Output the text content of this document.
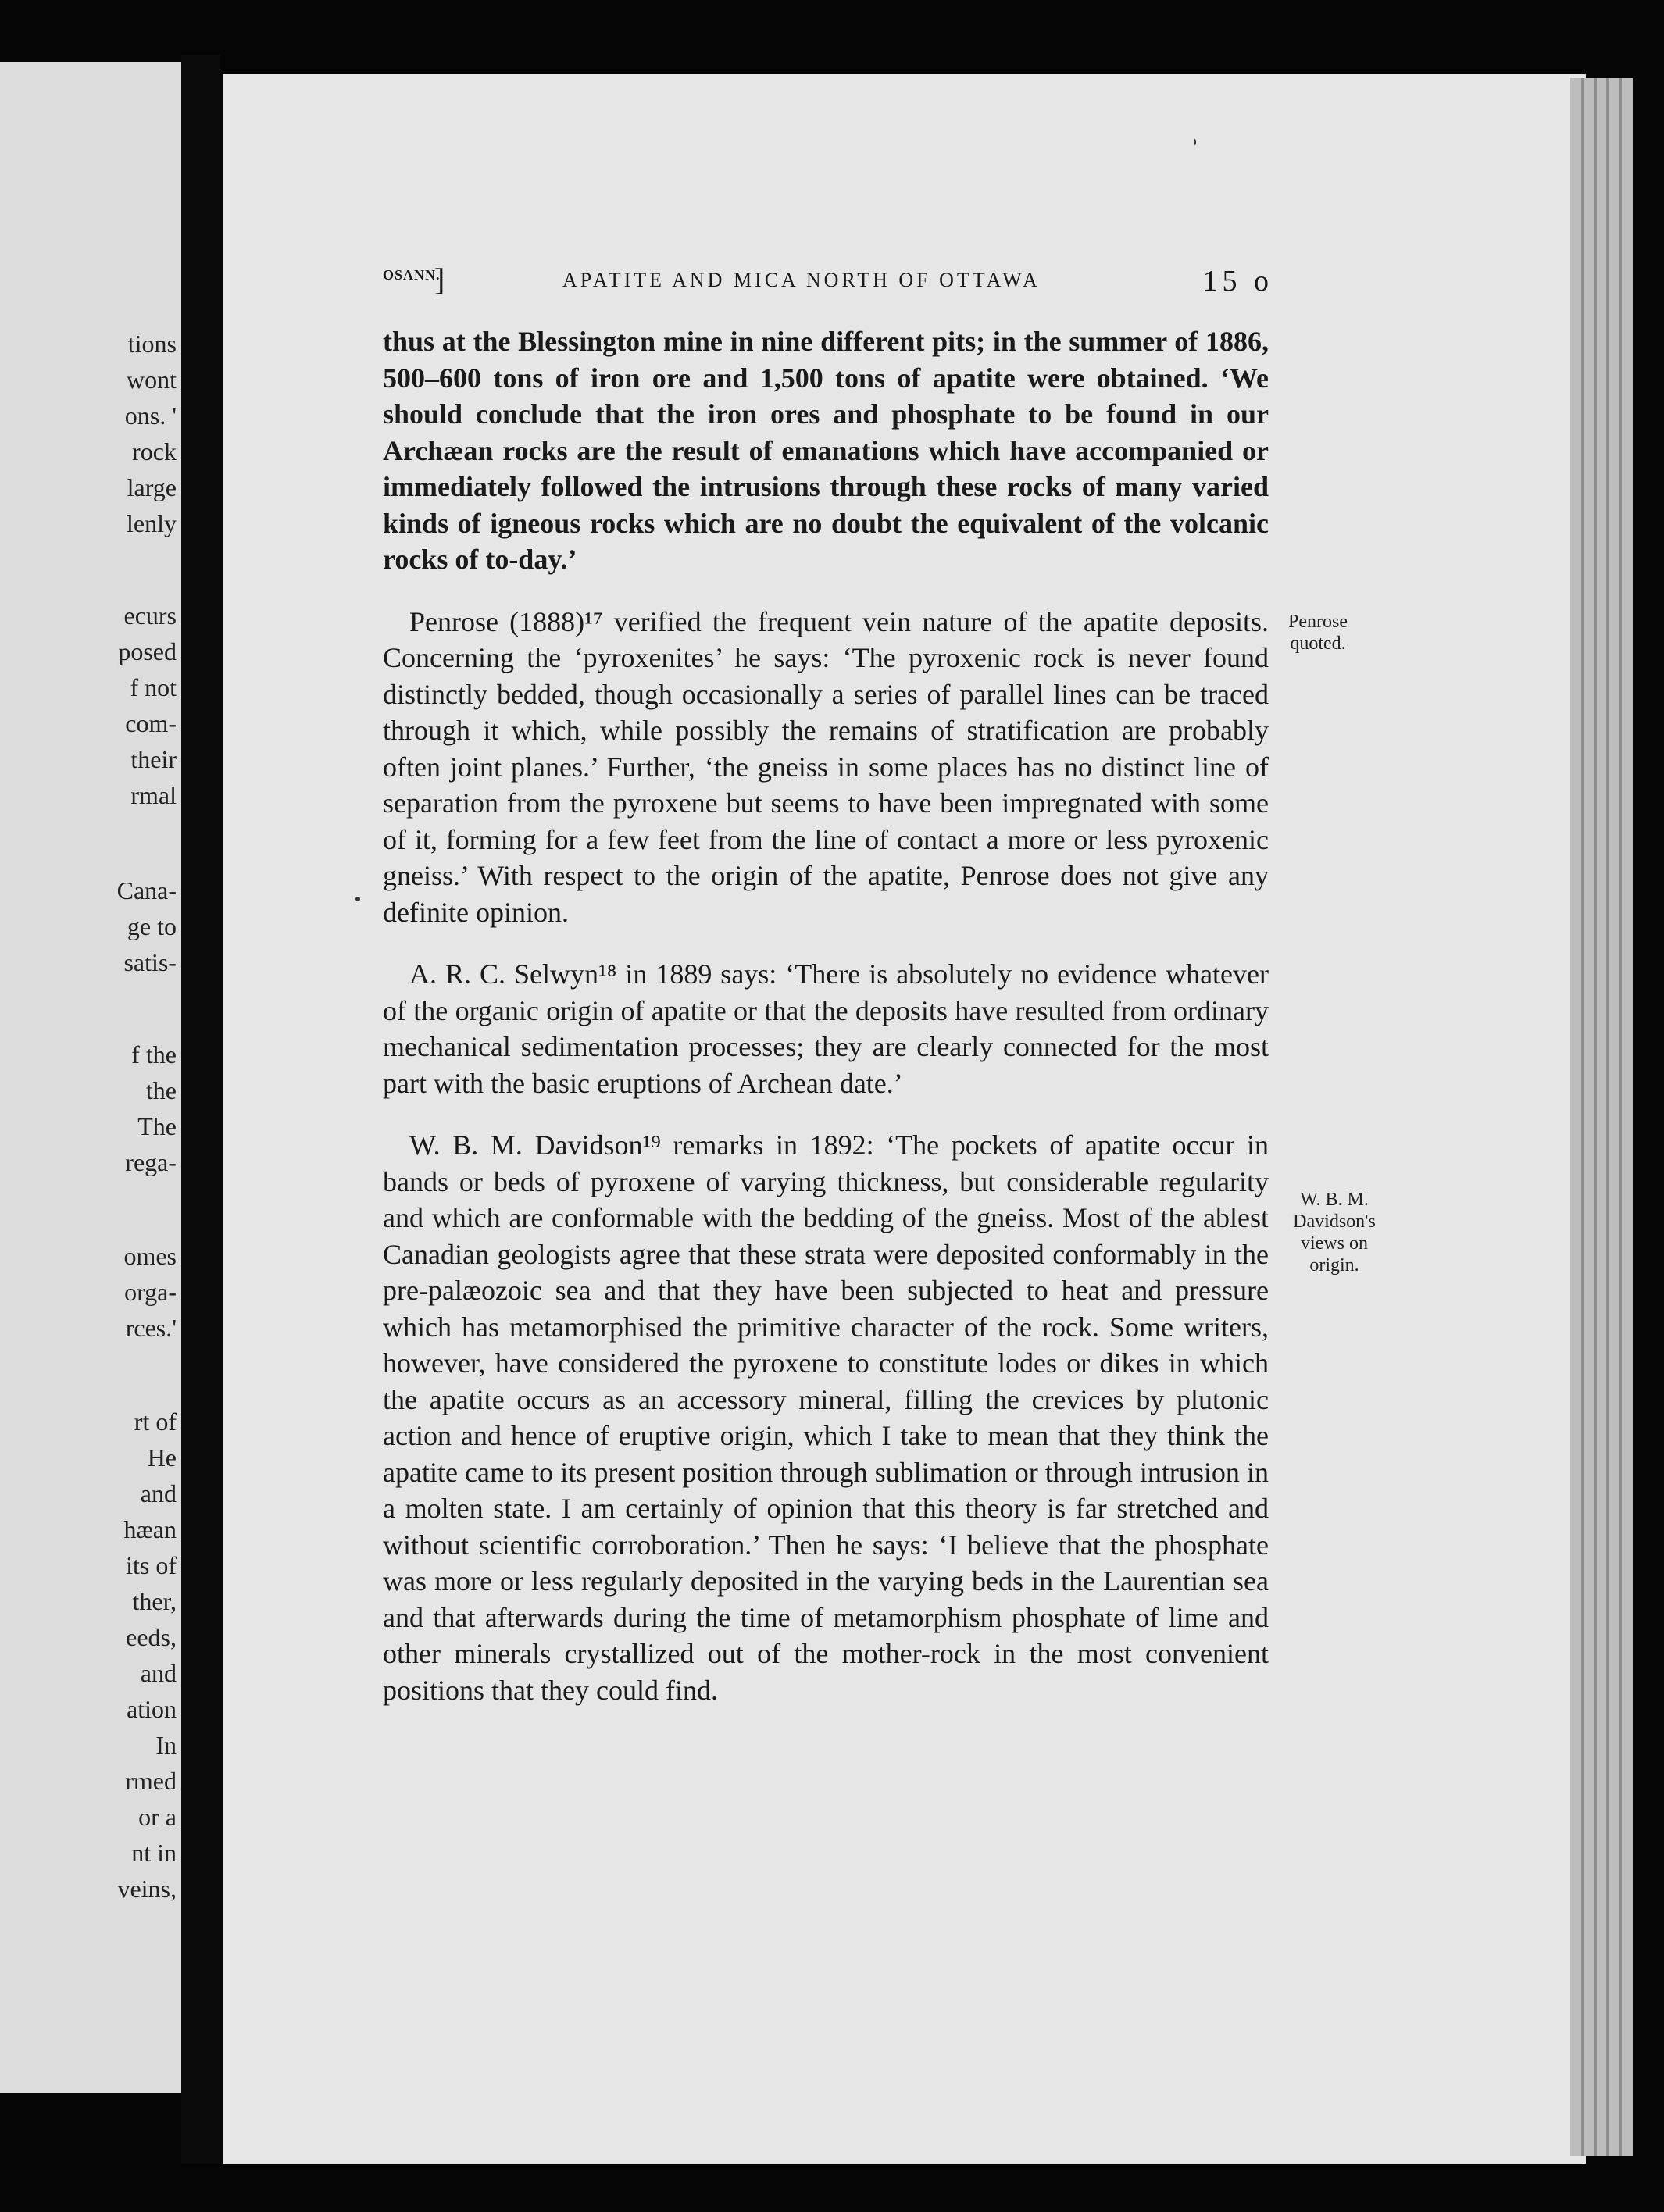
tions
wont
ons. '
rock
large
lenly
ecurs
posed
f not
com-
their
rmal
Cana-
ge to
satis-
f the
the
The
rega-
omes
orga-
rces.'
rt of
He
and
hæan
its of
ther,
eeds,
and
ation
In
rmed
or a
nt in
veins,
OSANN.
]	APATITE AND MICA NORTH OF OTTAWA	15 o

thus at the Blessington mine in nine different pits; in the summer of 1886, 500–600 tons of iron ore and 1,500 tons of apatite were obtained. ‘We should conclude that the iron ores and phosphate to be found in our Archæan rocks are the result of emanations which have accompanied or immediately followed the intrusions through these rocks of many varied kinds of igneous rocks which are no doubt the equivalent of the volcanic rocks of to-day.’

Penrose (1888)¹⁷ verified the frequent vein nature of the apatite deposits. Concerning the ‘pyroxenites’ he says: ‘The pyroxenic rock is never found distinctly bedded, though occasionally a series of parallel lines can be traced through it which, while possibly the remains of stratification are probably often joint planes.’ Further, ‘the gneiss in some places has no distinct line of separation from the pyroxene but seems to have been impregnated with some of it, forming for a few feet from the line of contact a more or less pyroxenic gneiss.’ With respect to the origin of the apatite, Penrose does not give any definite opinion.

A. R. C. Selwyn¹⁸ in 1889 says: ‘There is absolutely no evidence whatever of the organic origin of apatite or that the deposits have resulted from ordinary mechanical sedimentation processes; they are clearly connected for the most part with the basic eruptions of Archean date.’

W. B. M. Davidson¹⁹ remarks in 1892: ‘The pockets of apatite occur in bands or beds of pyroxene of varying thickness, but considerable regularity and which are conformable with the bedding of the gneiss. Most of the ablest Canadian geologists agree that these strata were deposited conformably in the pre-palæozoic sea and that they have been subjected to heat and pressure which has metamorphised the primitive character of the rock. Some writers, however, have considered the pyroxene to constitute lodes or dikes in which the apatite occurs as an accessory mineral, filling the crevices by plutonic action and hence of eruptive origin, which I take to mean that they think the apatite came to its present position through sublimation or through intrusion in a molten state. I am certainly of opinion that this theory is far stretched and without scientific corroboration.’ Then he says: ‘I believe that the phosphate was more or less regularly deposited in the varying beds in the Laurentian sea and that afterwards during the time of metamorphism phosphate of lime and other minerals crystallized out of the mother-rock in the most convenient positions that they could find.

Penrose
quoted.
W. B. M.
Davidson's
views on
origin.
